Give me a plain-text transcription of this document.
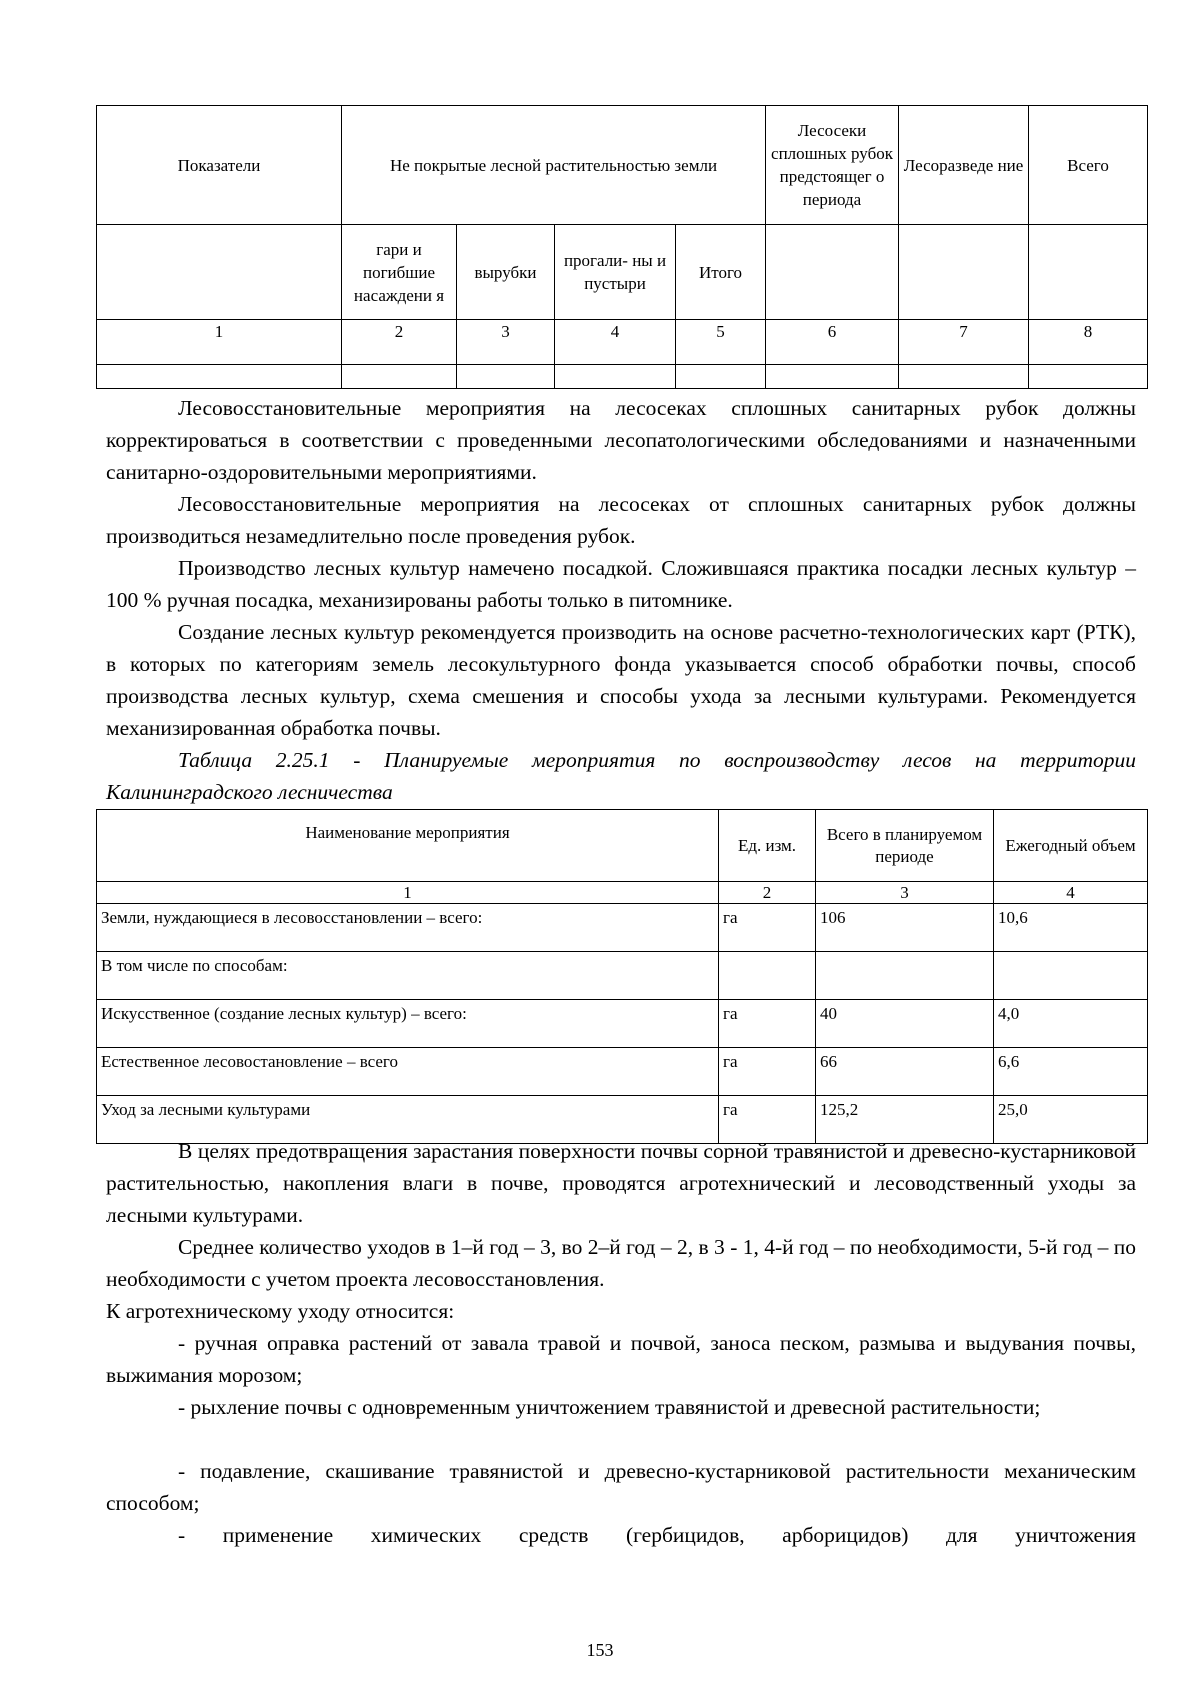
Показатели	Не покрытые лесной растительностью земли				Лесосеки сплошных рубок предстоящег о периода	Лесоразведе ние	Всего
	гари и погибшие насаждени я	вырубки	прогали- ны и пустыри	Итого			
1	2	3	4	5	6	7	8

Лесовосстановительные мероприятия на лесосеках сплошных санитарных рубок должны корректироваться в соответствии с проведенными лесопатологическими обследованиями и назначенными санитарно-оздоровительными мероприятиями.

Лесовосстановительные мероприятия на лесосеках от сплошных санитарных рубок должны производиться незамедлительно после проведения рубок.

Производство лесных культур намечено посадкой. Сложившаяся практика посадки лесных культур – 100 % ручная посадка, механизированы работы только в питомнике.

Создание лесных культур рекомендуется производить на основе расчетно-технологических карт (РТК), в которых по категориям земель лесокультурного фонда указывается способ обработки почвы, способ производства лесных культур, схема смешения и способы ухода за лесными культурами. Рекомендуется механизированная обработка почвы.

Таблица 2.25.1 - Планируемые мероприятия по воспроизводству лесов на территории Калининградского лесничества

Наименование мероприятия	Ед. изм.	Всего в планируемом периоде	Ежегодный объем
1	2	3	4
Земли, нуждающиеся в лесовосстановлении – всего:	га	106	10,6
В том числе по способам:			
Искусственное (создание лесных культур) – всего:	га	40	4,0
Естественное лесовостановление – всего	га	66	6,6
Уход за лесными культурами	га	125,2	25,0

В целях предотвращения зарастания поверхности почвы сорной травянистой и древесно-кустарниковой растительностью, накопления влаги в почве, проводятся агротехнический и лесоводственный уходы за лесными культурами.

Среднее количество уходов в 1–й год – 3, во 2–й год – 2, в 3 - 1, 4-й год – по необходимости, 5-й год – по необходимости с учетом проекта лесовосстановления.

К агротехническому уходу относится:

- ручная оправка растений от завала травой и почвой, заноса песком, размыва и выдувания почвы, выжимания морозом;

- рыхление почвы с одновременным уничтожением травянистой и древесной растительности;

- подавление, скашивание травянистой и древесно-кустарниковой растительности механическим способом;

- применение химических средств (гербицидов, арборицидов) для уничтожения

153
